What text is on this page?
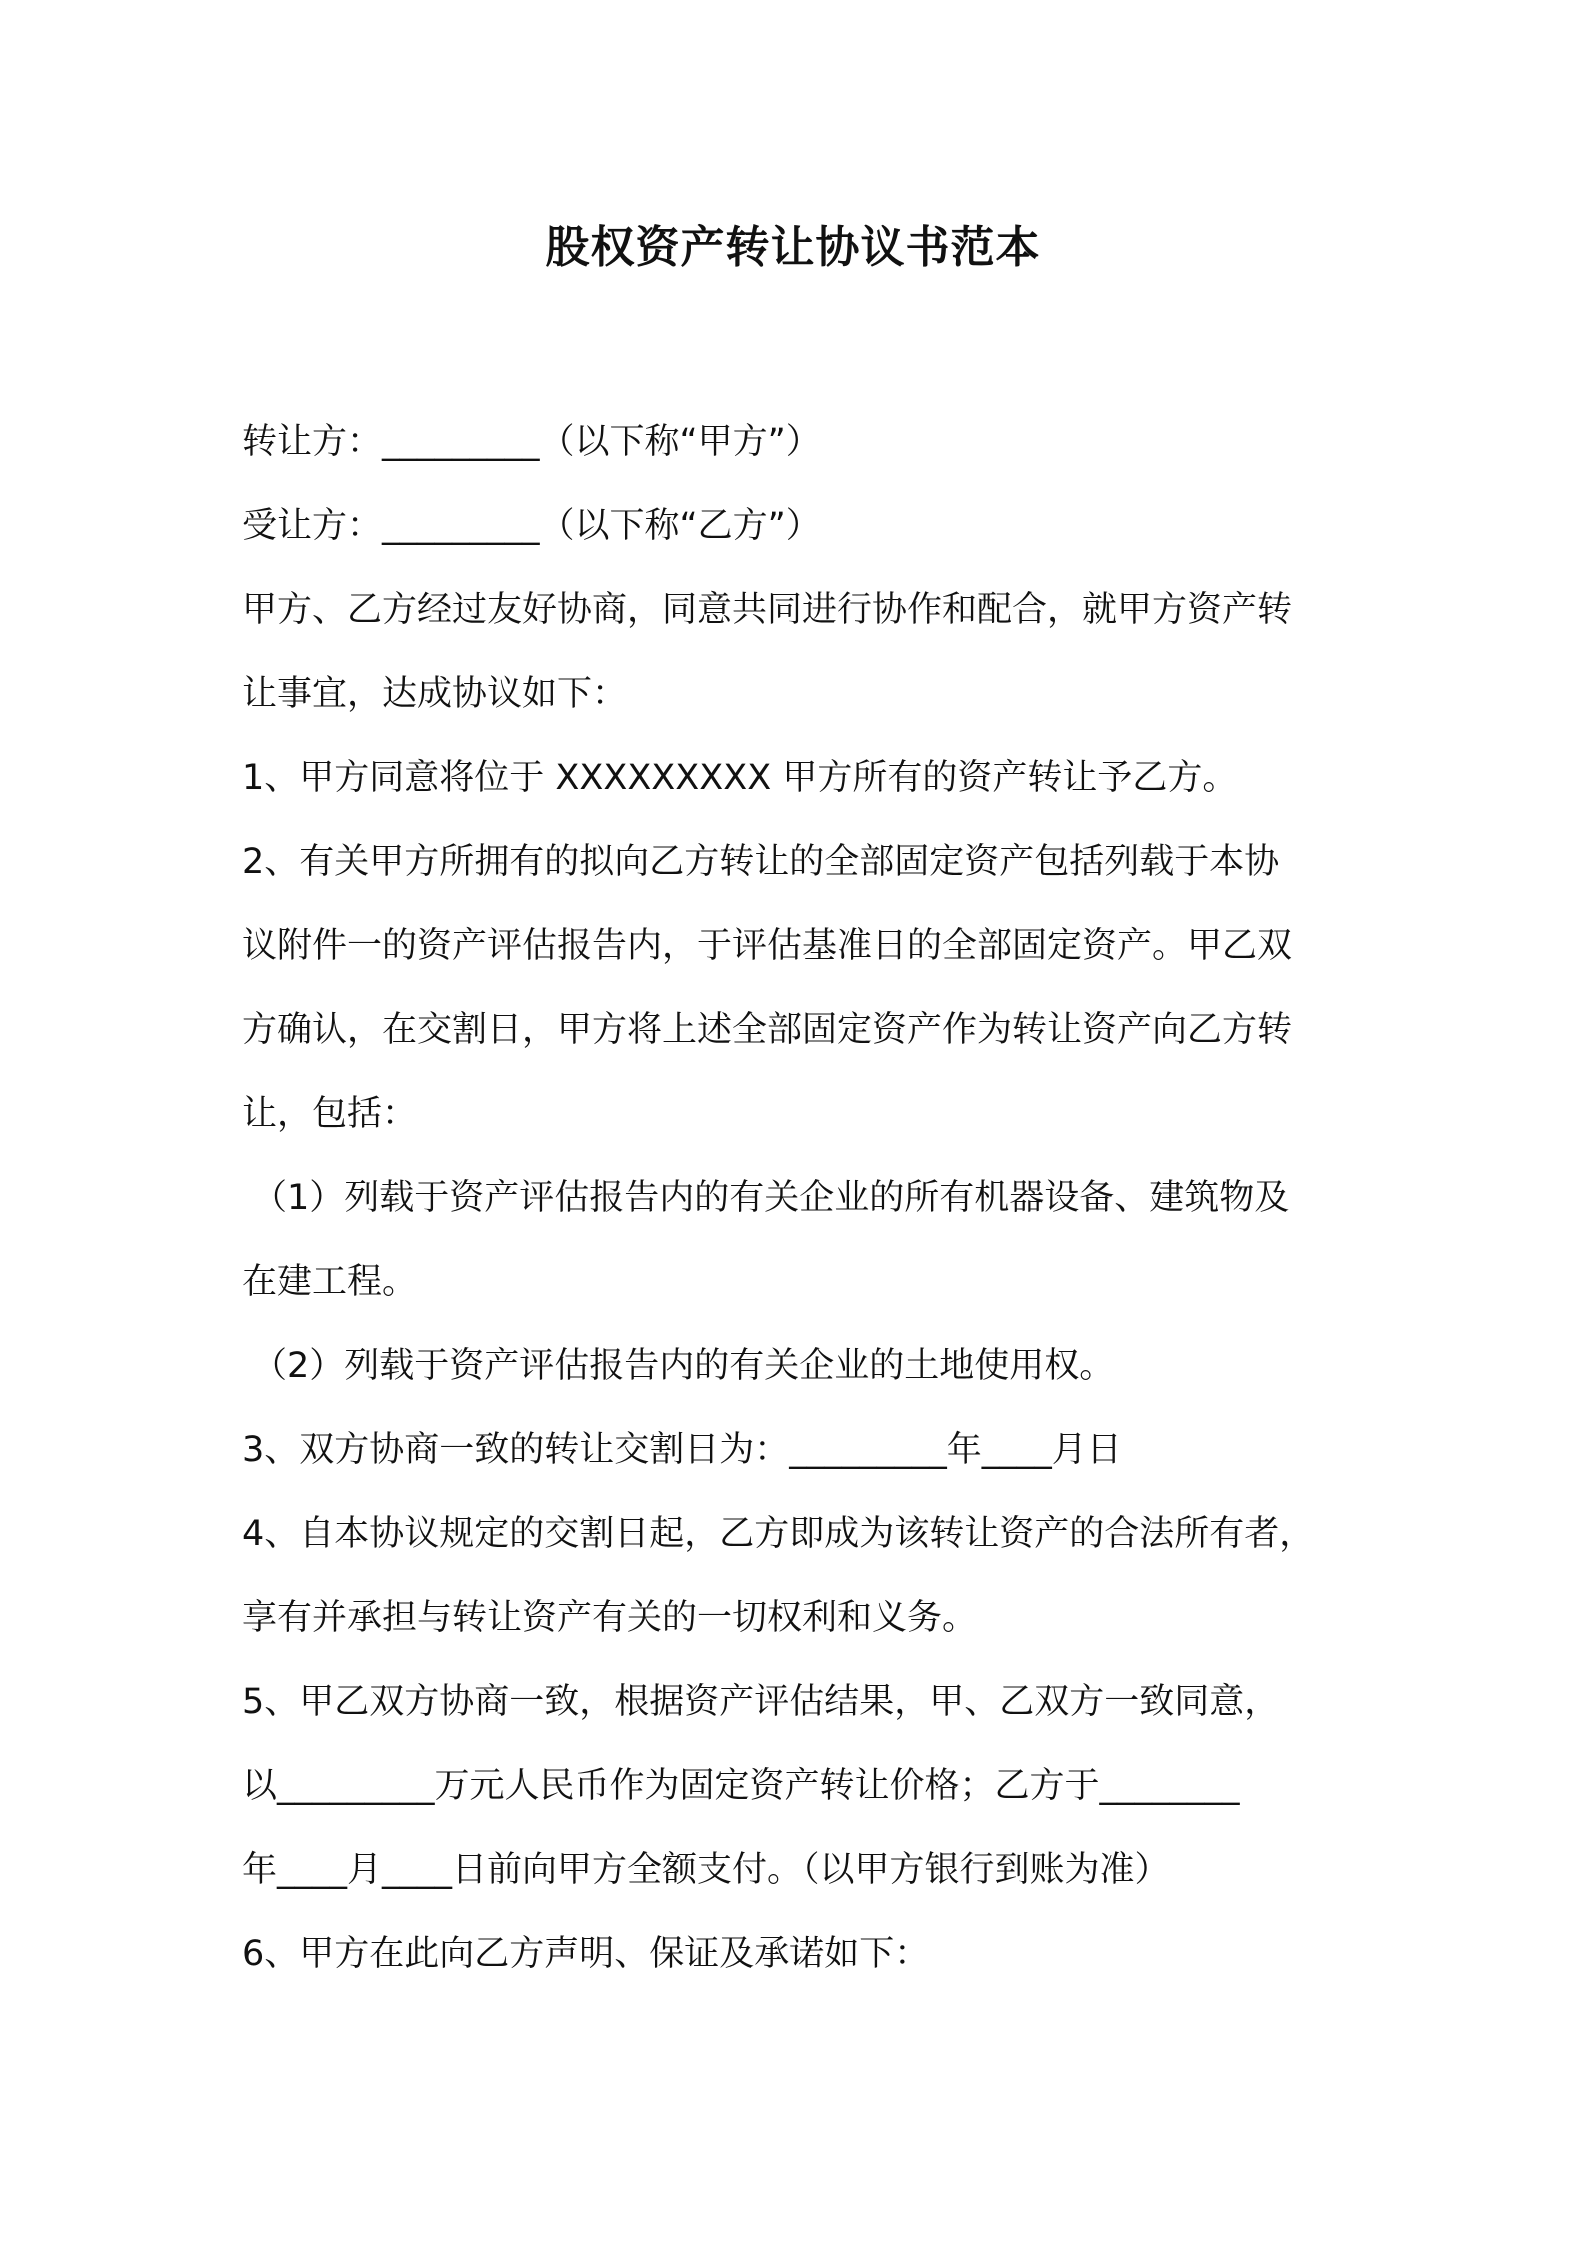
股权资产转让协议书范本
转让方：_________（以下称“甲方”）
受让方：_________（以下称“乙方”）
甲方、乙方经过友好协商，同意共同进行协作和配合，就甲方资产转
让事宜，达成协议如下：
1、甲方同意将位于 XXXXXXXXX 甲方所有的资产转让予乙方。
2、有关甲方所拥有的拟向乙方转让的全部固定资产包括列载于本协
议附件一的资产评估报告内，于评估基准日的全部固定资产。甲乙双
方确认，在交割日，甲方将上述全部固定资产作为转让资产向乙方转
让，包括：
（1）列载于资产评估报告内的有关企业的所有机器设备、建筑物及
在建工程。
（2）列载于资产评估报告内的有关企业的土地使用权。
3、双方协商一致的转让交割日为：_________年____月日
4、自本协议规定的交割日起，乙方即成为该转让资产的合法所有者，
享有并承担与转让资产有关的一切权利和义务。
5、甲乙双方协商一致，根据资产评估结果，甲、乙双方一致同意，
以_________万元人民币作为固定资产转让价格；乙方于________
年____月____日前向甲方全额支付。（以甲方银行到账为准）
6、甲方在此向乙方声明、保证及承诺如下：
